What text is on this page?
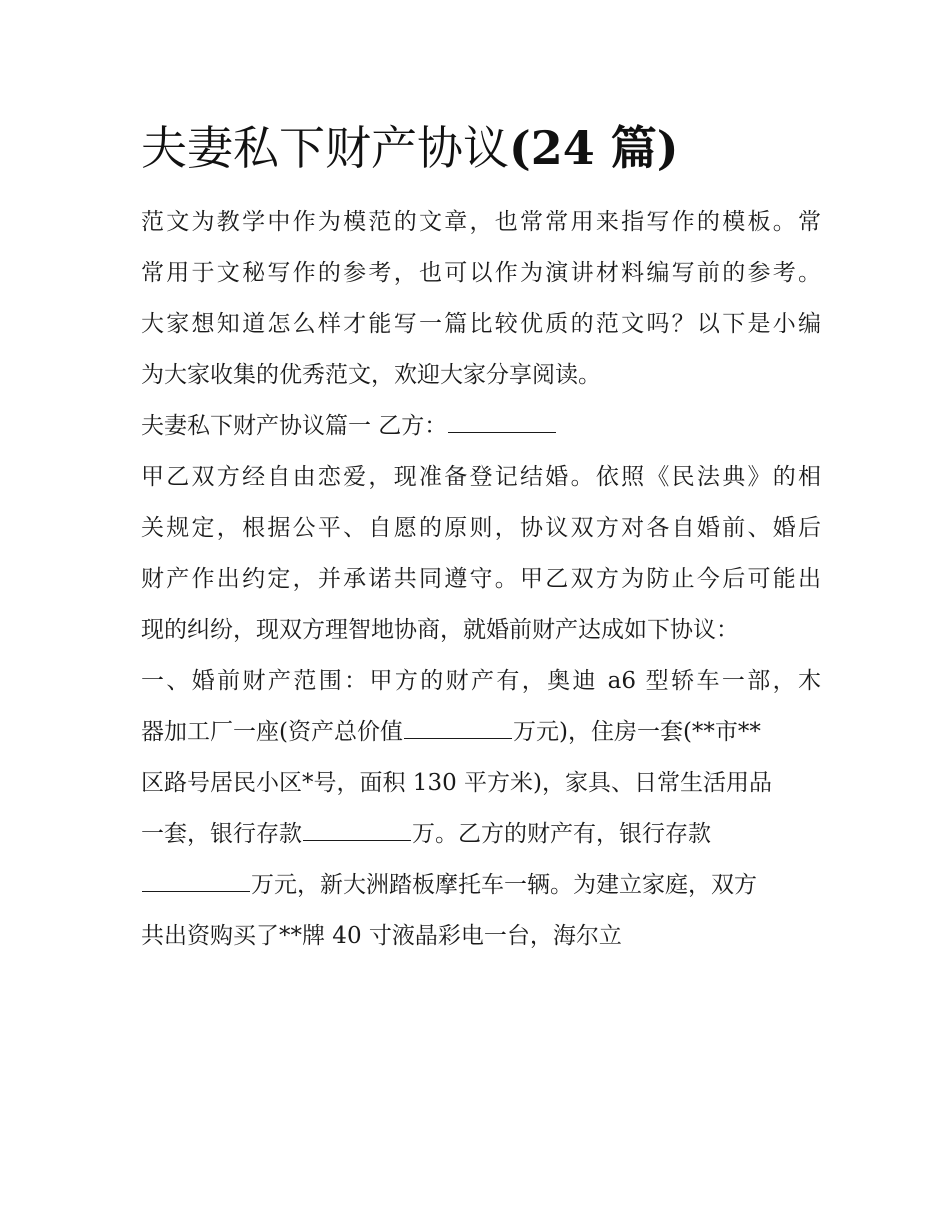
夫妻私下财产协议(24 篇)
范文为教学中作为模范的文章，也常常用来指写作的模板。常
常用于文秘写作的参考，也可以作为演讲材料编写前的参考。
大家想知道怎么样才能写一篇比较优质的范文吗？以下是小编
为大家收集的优秀范文，欢迎大家分享阅读。
夫妻私下财产协议篇一 乙方：
甲乙双方经自由恋爱，现准备登记结婚。依照《民法典》的相
关规定，根据公平、自愿的原则，协议双方对各自婚前、婚后
财产作出约定，并承诺共同遵守。甲乙双方为防止今后可能出
现的纠纷，现双方理智地协商，就婚前财产达成如下协议：
一、婚前财产范围：甲方的财产有，奥迪 a6 型轿车一部，木
器加工厂一座(资产总价值	万元)，住房一套(**市**
区路号居民小区*号，面积 130 平方米)，家具、日常生活用品
一套，银行存款	万。乙方的财产有，银行存款
万元，新大洲踏板摩托车一辆。为建立家庭，双方
共出资购买了**牌 40 寸液晶彩电一台，海尔立
